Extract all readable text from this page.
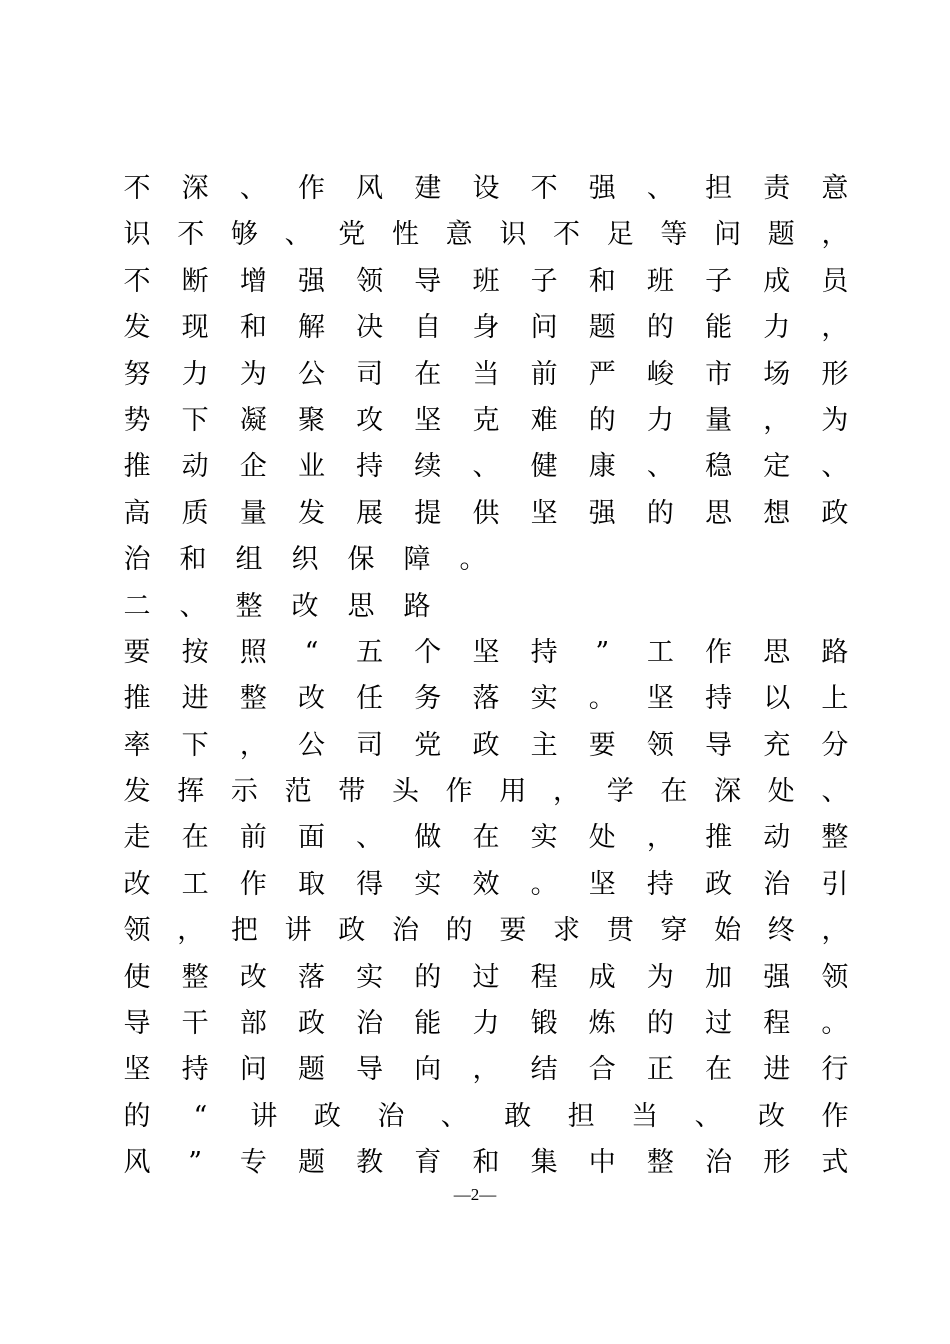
不 深 、 作 风 建 设 不 强 、 担 责 意
识 不 够 、 党 性 意 识 不 足 等 问 题 ，
不 断 增 强 领 导 班 子 和 班 子 成 员
发 现 和 解 决 自 身 问 题 的 能 力 ，
努 力 为 公 司 在 当 前 严 峻 市 场 形
势 下 凝 聚 攻 坚 克 难 的 力 量 ， 为
推 动 企 业 持 续 、 健 康 、 稳 定 、
高 质 量 发 展 提 供 坚 强 的 思 想 政
治 和 组 织 保 障 。
二 、 整 改 思 路
要 按 照 “ 五 个 坚 持 ” 工 作 思 路
推 进 整 改 任 务 落 实 。 坚 持 以 上
率 下 ， 公 司 党 政 主 要 领 导 充 分
发 挥 示 范 带 头 作 用 ， 学 在 深 处 、
走 在 前 面 、 做 在 实 处 ， 推 动 整
改 工 作 取 得 实 效 。 坚 持 政 治 引
领 ， 把 讲 政 治 的 要 求 贯 穿 始 终 ，
使 整 改 落 实 的 过 程 成 为 加 强 领
导 干 部 政 治 能 力 锻 炼 的 过 程 。
坚 持 问 题 导 向 ， 结 合 正 在 进 行
的 “ 讲 政 治 、 敢 担 当 、 改 作
风 ” 专 题 教 育 和 集 中 整 治 形 式
—2—
